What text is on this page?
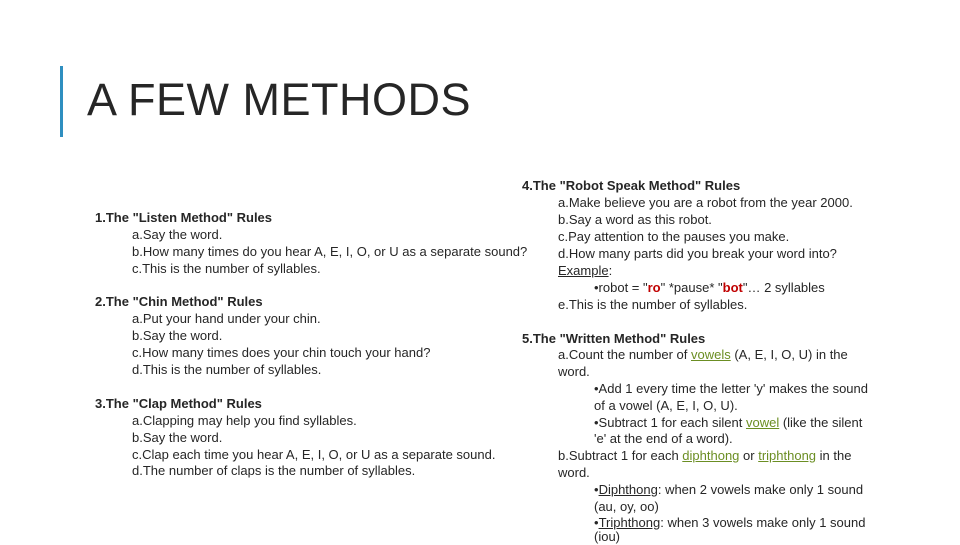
A FEW METHODS
1.The "Listen Method" Rules
a.Say the word.
b.How many times do you hear A, E, I, O, or U as a separate sound?
c.This is the number of syllables.
2.The "Chin Method" Rules
a.Put your hand under your chin.
b.Say the word.
c.How many times does your chin touch your hand?
d.This is the number of syllables.
3.The "Clap Method" Rules
a.Clapping may help you find syllables.
b.Say the word.
c.Clap each time you hear A, E, I, O, or U as a separate sound.
d.The number of claps is the number of syllables.
4.The "Robot Speak Method" Rules
a.Make believe you are a robot from the year 2000.
b.Say a word as this robot.
c.Pay attention to the pauses you make.
d.How many parts did you break your word into?
Example:
•robot = "ro" *pause* "bot"… 2 syllables
e.This is the number of syllables.
5.The "Written Method" Rules
a.Count the number of vowels (A, E, I, O, U) in the
word.
•Add 1 every time the letter 'y' makes the sound
of a vowel (A, E, I, O, U).
•Subtract 1 for each silent vowel (like the silent
'e' at the end of a word).
b.Subtract 1 for each diphthong or triphthong in the
word.
•Diphthong: when 2 vowels make only 1 sound
(au, oy, oo)
•Triphthong: when 3 vowels make only 1 sound
(iou)
